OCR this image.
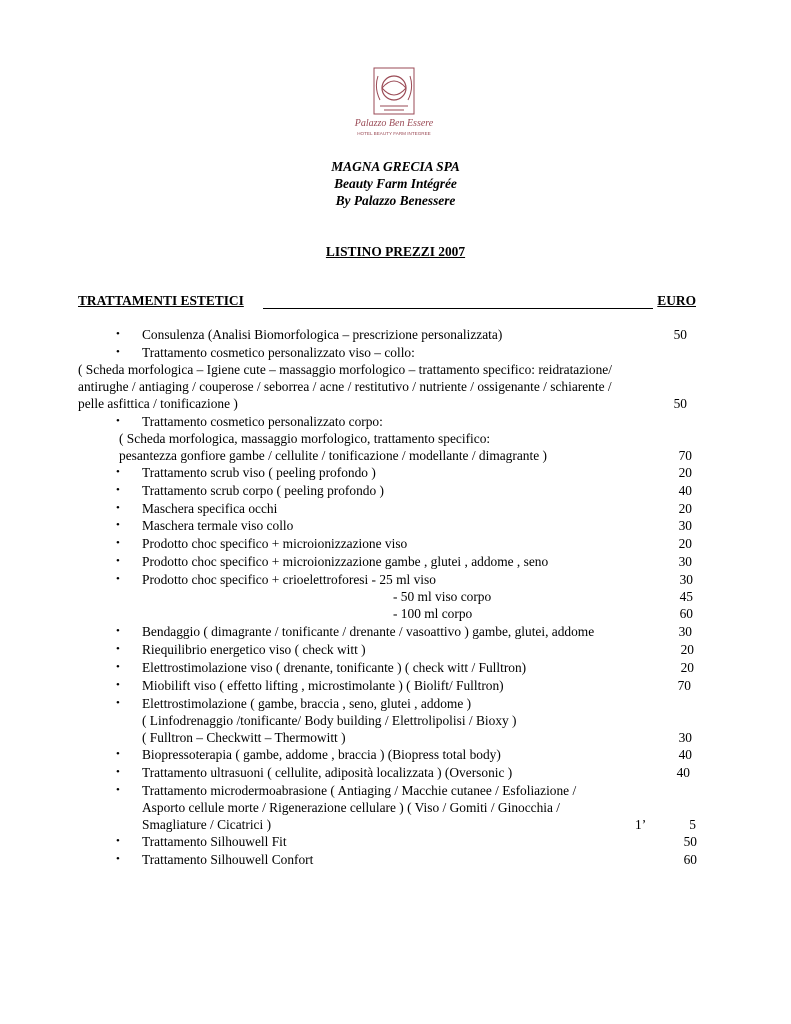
Palazzo Ben Essere
HOTEL BEAUTY FARM INTEGREE
MAGNA GRECIA SPA
Beauty Farm Intégrée
By Palazzo Benessere
LISTINO PREZZI 2007
TRATTAMENTI ESTETICI	EURO
• Consulenza (Analisi Biomorfologica – prescrizione personalizzata)	50
• Trattamento cosmetico personalizzato viso – collo:
( Scheda morfologica – Igiene cute – massaggio morfologico – trattamento specifico: reidratazione/
antirughe / antiaging / couperose / seborrea / acne / restitutivo / nutriente / ossigenante / schiarente /
pelle asfittica / tonificazione )	50
• Trattamento cosmetico personalizzato corpo:
( Scheda morfologica, massaggio morfologico, trattamento specifico:
pesantezza gonfiore gambe / cellulite / tonificazione / modellante / dimagrante )	70
• Trattamento scrub viso ( peeling profondo )	20
• Trattamento scrub corpo ( peeling profondo )	40
• Maschera specifica occhi	20
• Maschera termale viso collo	30
• Prodotto choc specifico + microionizzazione viso	20
• Prodotto choc specifico + microionizzazione gambe , glutei , addome , seno	30
• Prodotto choc specifico + crioelettroforesi - 25 ml viso	30
- 50 ml viso corpo	45
- 100 ml corpo	60
• Bendaggio ( dimagrante / tonificante / drenante / vasoattivo ) gambe, glutei, addome	30
• Riequilibrio energetico viso ( check witt )	20
• Elettrostimolazione viso ( drenante, tonificante ) ( check witt / Fulltron)	20
• Miobilift viso ( effetto lifting , microstimolante ) ( Biolift/ Fulltron)	70
• Elettrostimolazione ( gambe, braccia , seno, glutei , addome )
( Linfodrenaggio /tonificante/ Body building / Elettrolipolisi / Bioxy )
( Fulltron – Checkwitt – Thermowitt )	30
• Biopressoterapia ( gambe, addome , braccia ) (Biopress total body)	40
• Trattamento ultrasuoni ( cellulite, adiposità localizzata ) (Oversonic )	40
• Trattamento microdermoabrasione ( Antiaging / Macchie cutanee / Esfoliazione /
Asporto cellule morte / Rigenerazione cellulare ) ( Viso / Gomiti / Ginocchia /
Smagliature / Cicatrici )	1’	5
• Trattamento Silhouwell Fit	50
• Trattamento Silhouwell Confort	60
